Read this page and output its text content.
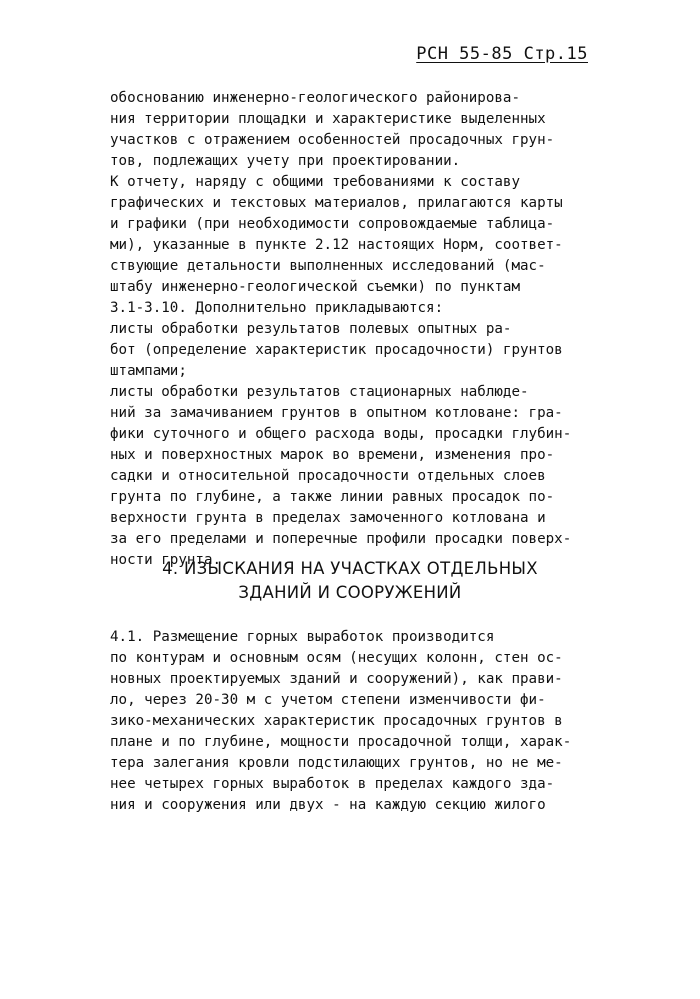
РСН 55-85 Стр.15
обоснованию инженерно-геологического районирова-
ния территории площадки и характеристике выделенных
участков с отражением особенностей просадочных грун-
тов, подлежащих учету при проектировании.
К отчету, наряду с общими требованиями к составу
графических и текстовых материалов, прилагаются карты
и графики (при необходимости сопровождаемые таблица-
ми), указанные в пункте 2.12 настоящих Норм, соответ-
ствующие детальности выполненных исследований (мас-
штабу инженерно-геологической съемки) по пунктам
3.1-3.10. Дополнительно прикладываются:
листы обработки результатов полевых опытных ра-
бот (определение характеристик просадочности) грунтов
штампами;
листы обработки результатов стационарных наблюде-
ний за замачиванием грунтов в опытном котловане: гра-
фики суточного и общего расхода воды, просадки глубин-
ных и поверхностных марок во времени, изменения про-
садки и относительной просадочности отдельных слоев
грунта по глубине, а также линии равных просадок по-
верхности грунта в пределах замоченного котлована и
за его пределами и поперечные профили просадки поверх-
ности грунта.
4. ИЗЫСКАНИЯ НА УЧАСТКАХ ОТДЕЛЬНЫХ
ЗДАНИЙ И СООРУЖЕНИЙ
4.1. Размещение горных выработок производится
по контурам и основным осям (несущих колонн, стен ос-
новных проектируемых зданий и сооружений), как прави-
ло, через 20-30 м с учетом степени изменчивости фи-
зико-механических характеристик просадочных грунтов в
плане и по глубине, мощности просадочной толщи, харак-
тера залегания кровли подстилающих грунтов, но не ме-
нее четырех горных выработок в пределах каждого зда-
ния и сооружения или двух - на каждую секцию жилого
